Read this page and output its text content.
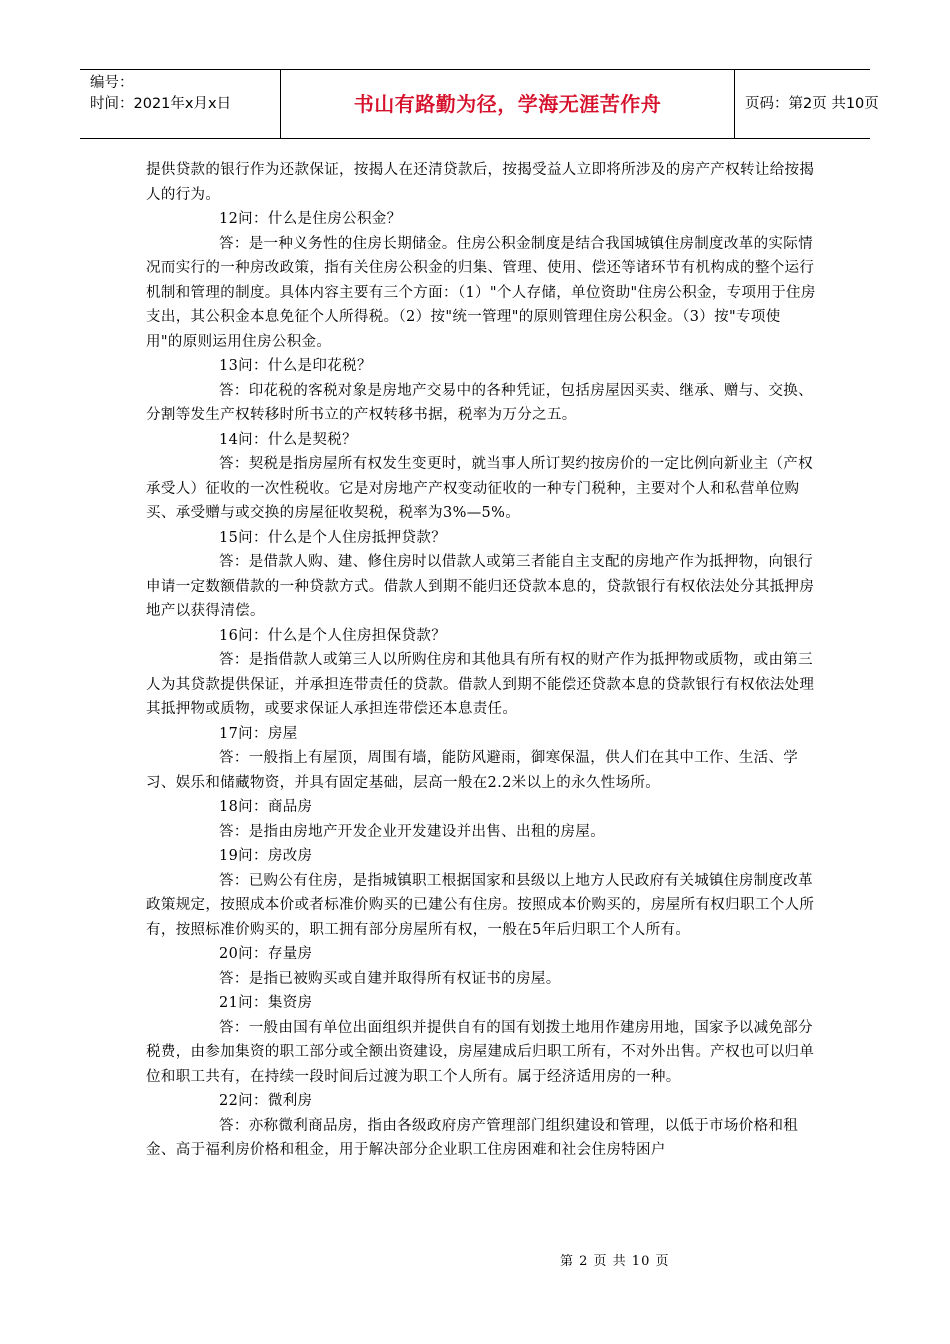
编号：
时间：2021年x月x日	书山有路勤为径，学海无涯苦作舟	页码：第2页 共10页

提供贷款的银行作为还款保证，按揭人在还清贷款后，按揭受益人立即将所涉及的房产产权转让给按揭人的行为。

12问：什么是住房公积金？

答：是一种义务性的住房长期储金。住房公积金制度是结合我国城镇住房制度改革的实际情况而实行的一种房改政策，指有关住房公积金的归集、管理、使用、偿还等诸环节有机构成的整个运行机制和管理的制度。具体内容主要有三个方面：（1）"个人存储，单位资助"住房公积金，专项用于住房支出，其公积金本息免征个人所得税。（2）按"统一管理"的原则管理住房公积金。（3）按"专项使用"的原则运用住房公积金。

13问：什么是印花税？

答：印花税的客税对象是房地产交易中的各种凭证，包括房屋因买卖、继承、赠与、交换、分割等发生产权转移时所书立的产权转移书据，税率为万分之五。

14问：什么是契税？

答：契税是指房屋所有权发生变更时，就当事人所订契约按房价的一定比例向新业主（产权承受人）征收的一次性税收。它是对房地产产权变动征收的一种专门税种，主要对个人和私营单位购买、承受赠与或交换的房屋征收契税，税率为3%—5%。

15问：什么是个人住房抵押贷款？

答：是借款人购、建、修住房时以借款人或第三者能自主支配的房地产作为抵押物，向银行申请一定数额借款的一种贷款方式。借款人到期不能归还贷款本息的，贷款银行有权依法处分其抵押房地产以获得清偿。

16问：什么是个人住房担保贷款？

答：是指借款人或第三人以所购住房和其他具有所有权的财产作为抵押物或质物，或由第三人为其贷款提供保证，并承担连带责任的贷款。借款人到期不能偿还贷款本息的贷款银行有权依法处理其抵押物或质物，或要求保证人承担连带偿还本息责任。

17问：房屋

答：一般指上有屋顶，周围有墙，能防风避雨，御寒保温，供人们在其中工作、生活、学习、娱乐和储藏物资，并具有固定基础，层高一般在2.2米以上的永久性场所。

18问：商品房

答：是指由房地产开发企业开发建设并出售、出租的房屋。

19问：房改房

答：已购公有住房，是指城镇职工根据国家和县级以上地方人民政府有关城镇住房制度改革政策规定，按照成本价或者标准价购买的已建公有住房。按照成本价购买的，房屋所有权归职工个人所有，按照标准价购买的，职工拥有部分房屋所有权，一般在5年后归职工个人所有。

20问：存量房

答：是指已被购买或自建并取得所有权证书的房屋。

21问：集资房

答：一般由国有单位出面组织并提供自有的国有划拨土地用作建房用地，国家予以减免部分税费，由参加集资的职工部分或全额出资建设，房屋建成后归职工所有，不对外出售。产权也可以归单位和职工共有，在持续一段时间后过渡为职工个人所有。属于经济适用房的一种。

22问：微利房

答：亦称微利商品房，指由各级政府房产管理部门组织建设和管理，以低于市场价格和租金、高于福利房价格和租金，用于解决部分企业职工住房困难和社会住房特困户

第 2 页 共 10 页
